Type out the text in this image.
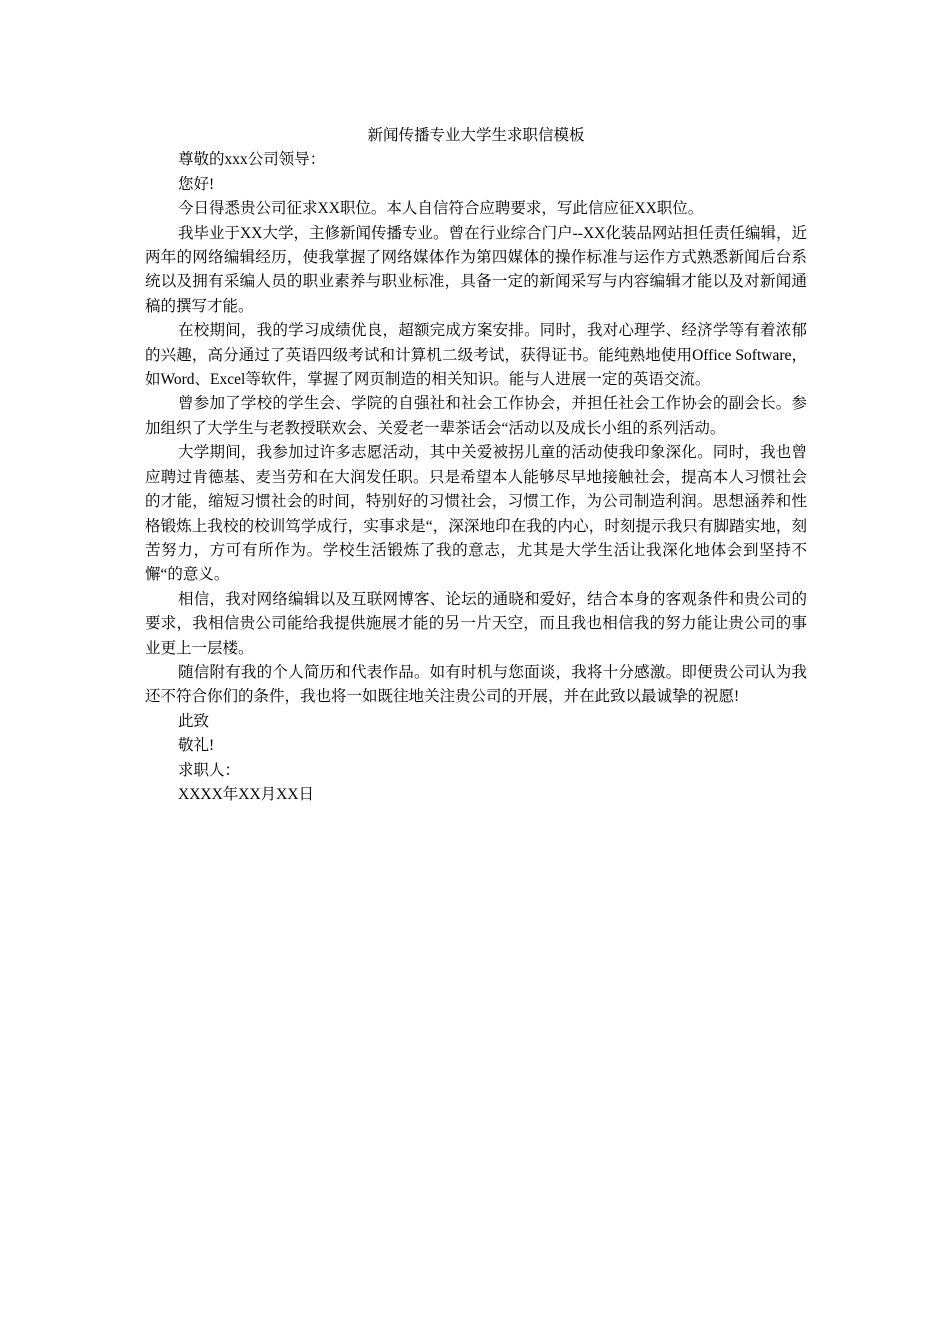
新闻传播专业大学生求职信模板

尊敬的xxx公司领导：

您好!

今日得悉贵公司征求XX职位。本人自信符合应聘要求，写此信应征XX职位。

我毕业于XX大学，主修新闻传播专业。曾在行业综合门户--XX化装品网站担任责任编辑，近两年的网络编辑经历，使我掌握了网络媒体作为第四媒体的操作标准与运作方式熟悉新闻后台系统以及拥有采编人员的职业素养与职业标准，具备一定的新闻采写与内容编辑才能以及对新闻通稿的撰写才能。

在校期间，我的学习成绩优良，超额完成方案安排。同时，我对心理学、经济学等有着浓郁的兴趣，高分通过了英语四级考试和计算机二级考试，获得证书。能纯熟地使用Office Software，如Word、Excel等软件，掌握了网页制造的相关知识。能与人进展一定的英语交流。

曾参加了学校的学生会、学院的自强社和社会工作协会，并担任社会工作协会的副会长。参加组织了大学生与老教授联欢会、关爱老一辈茶话会“活动以及成长小组的系列活动。

大学期间，我参加过许多志愿活动，其中关爱被拐儿童的活动使我印象深化。同时，我也曾应聘过肯德基、麦当劳和在大润发任职。只是希望本人能够尽早地接触社会，提高本人习惯社会的才能，缩短习惯社会的时间，特别好的习惯社会，习惯工作，为公司制造利润。思想涵养和性格锻炼上我校的校训笃学成行，实事求是“，深深地印在我的内心，时刻提示我只有脚踏实地，刻苦努力，方可有所作为。学校生活锻炼了我的意志，尤其是大学生活让我深化地体会到坚持不懈“的意义。

相信，我对网络编辑以及互联网博客、论坛的通晓和爱好，结合本身的客观条件和贵公司的要求，我相信贵公司能给我提供施展才能的另一片天空，而且我也相信我的努力能让贵公司的事业更上一层楼。

随信附有我的个人简历和代表作品。如有时机与您面谈，我将十分感激。即便贵公司认为我还不符合你们的条件，我也将一如既往地关注贵公司的开展，并在此致以最诚挚的祝愿!

此致

敬礼!

求职人：

XXXX年XX月XX日
